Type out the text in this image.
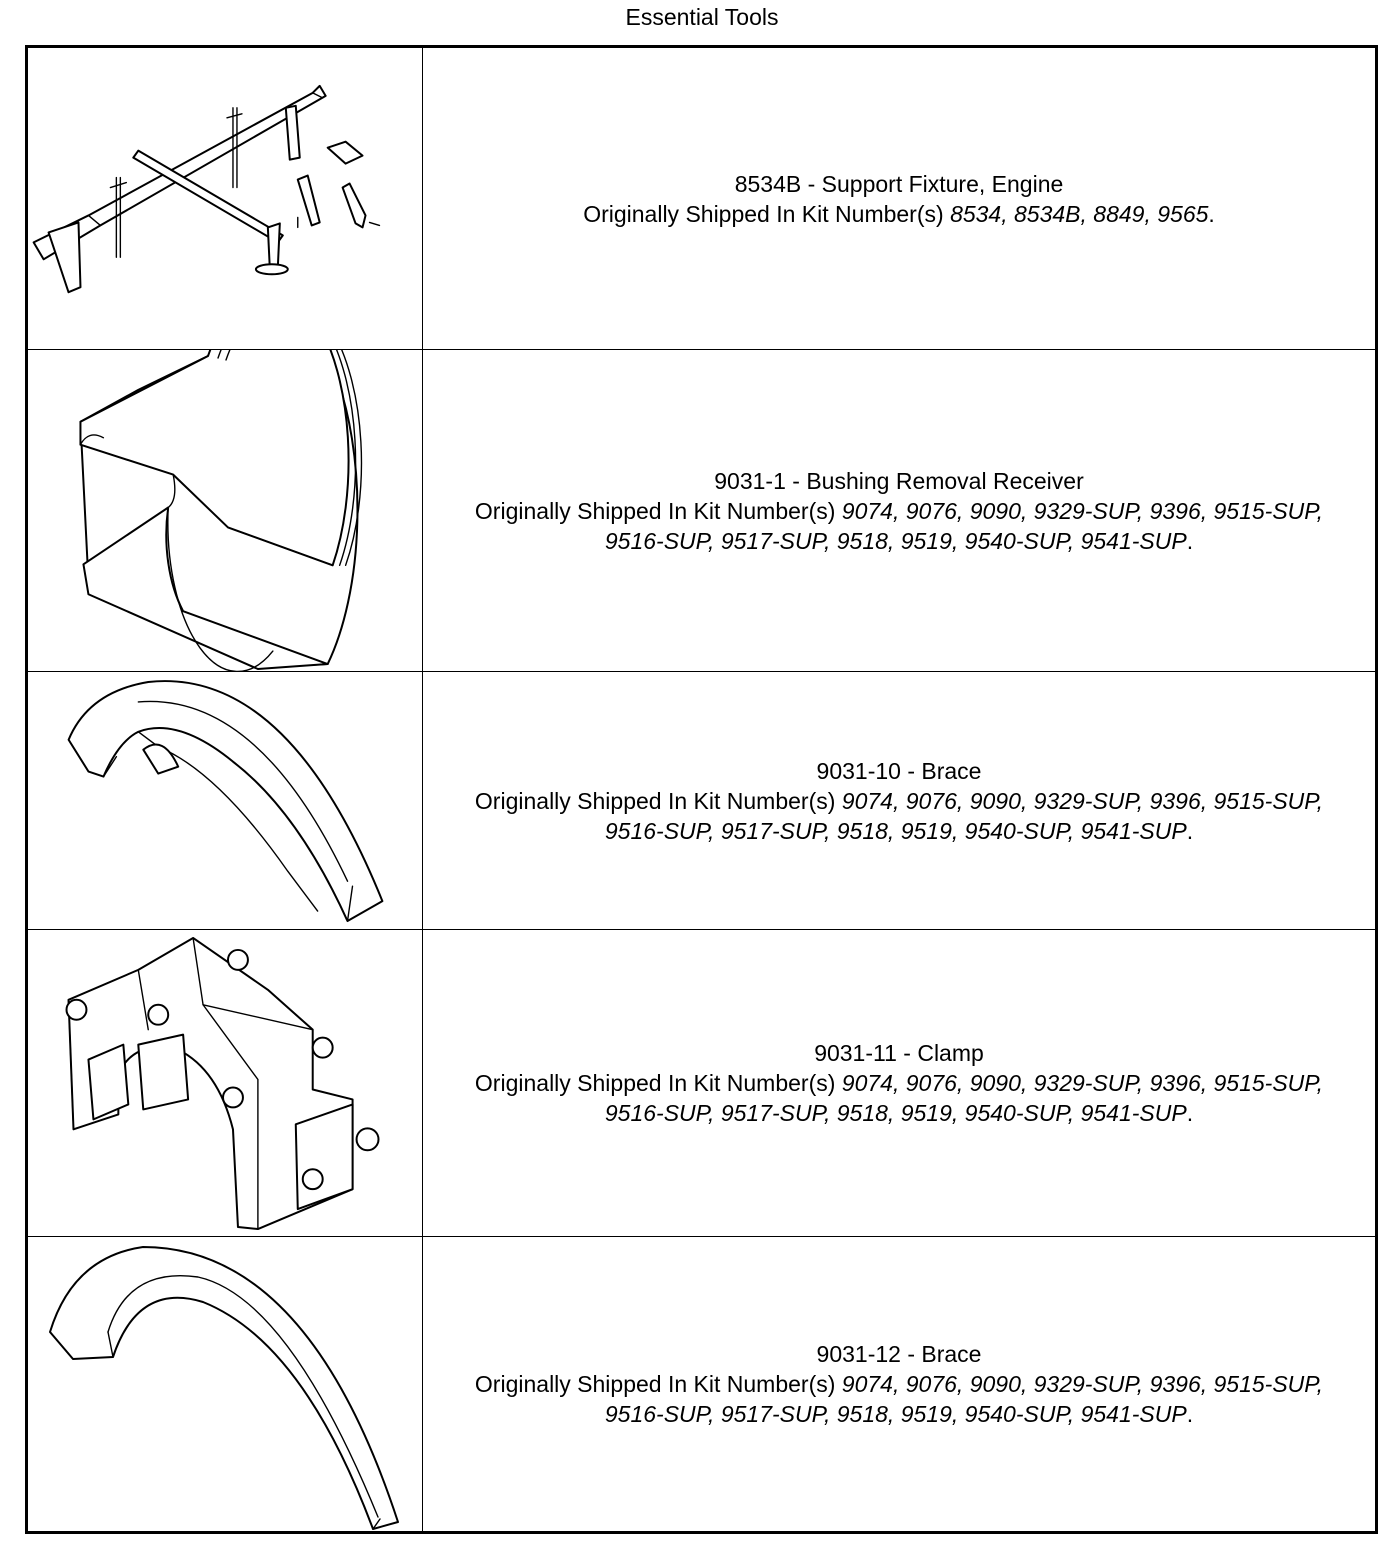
Essential Tools
8534B - Support Fixture, Engine
Originally Shipped In Kit Number(s) 8534, 8534B, 8849, 9565.
9031-1 - Bushing Removal Receiver
Originally Shipped In Kit Number(s) 9074, 9076, 9090, 9329-SUP, 9396, 9515-SUP,
9516-SUP, 9517-SUP, 9518, 9519, 9540-SUP, 9541-SUP.
9031-10 - Brace
Originally Shipped In Kit Number(s) 9074, 9076, 9090, 9329-SUP, 9396, 9515-SUP,
9516-SUP, 9517-SUP, 9518, 9519, 9540-SUP, 9541-SUP.
9031-11 - Clamp
Originally Shipped In Kit Number(s) 9074, 9076, 9090, 9329-SUP, 9396, 9515-SUP,
9516-SUP, 9517-SUP, 9518, 9519, 9540-SUP, 9541-SUP.
9031-12 - Brace
Originally Shipped In Kit Number(s) 9074, 9076, 9090, 9329-SUP, 9396, 9515-SUP,
9516-SUP, 9517-SUP, 9518, 9519, 9540-SUP, 9541-SUP.
